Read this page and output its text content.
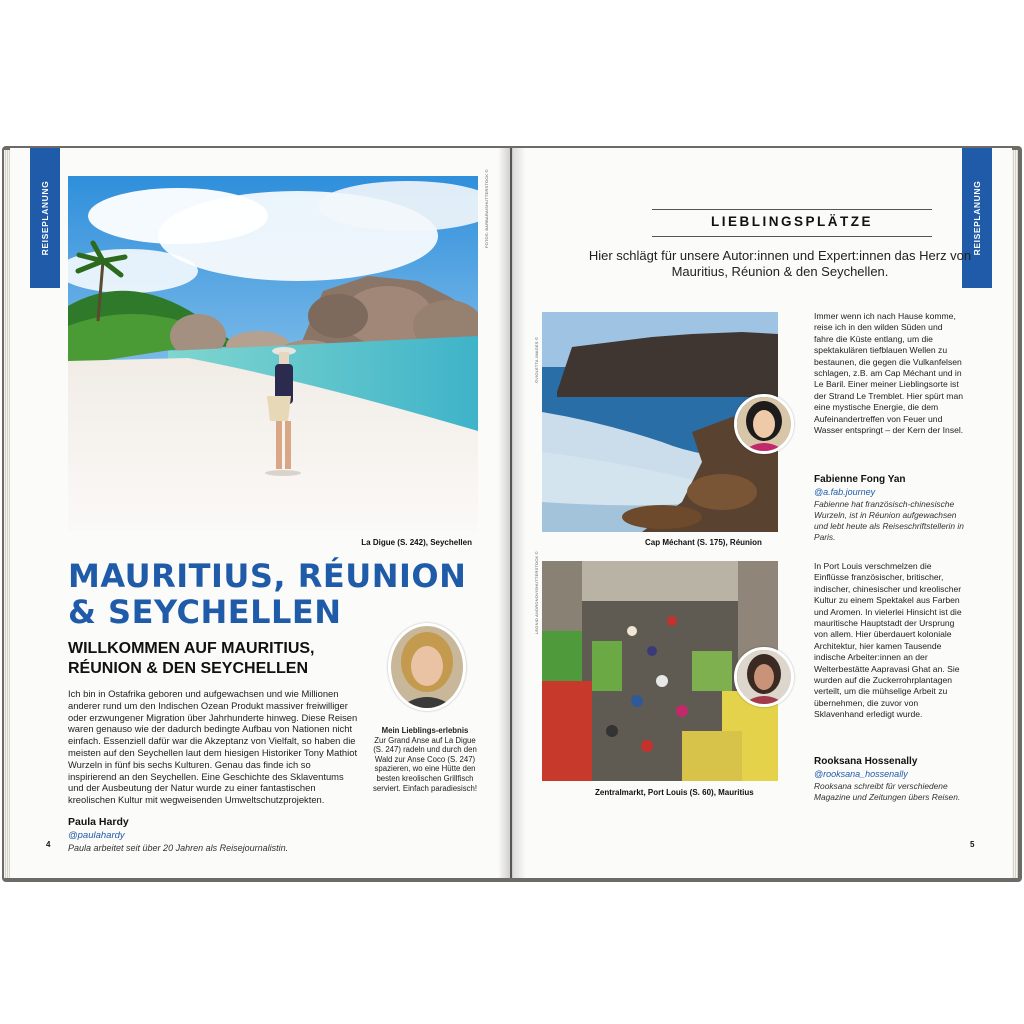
REISEPLANUNG	FOTOS: BARBARA/SHUTTERSTOCK ©
La Digue (S. 242), Seychellen
MAURITIUS, RÉUNION
& SEYCHELLEN
WILLKOMMEN AUF MAURITIUS, RÉUNION & DEN SEYCHELLEN

Ich bin in Ostafrika geboren und aufgewachsen und wie Millionen anderer rund um den Indischen Ozean Produkt massiver freiwilliger oder erzwungener Migration über Jahrhunderte hinweg. Diese Reisen waren genauso wie der dadurch bedingte Aufbau von Nationen nicht einfach. Essenziell dafür war die Akzeptanz von Vielfalt, so haben die meisten auf den Seychellen laut dem hiesigen Historiker Tony Mathiot Wurzeln in fünf bis sechs Kulturen. Genau das finde ich so inspirierend an den Seychellen. Eine Geschichte des Sklaventums und der Ausbeutung der Natur wurde zu einer fantastischen kreolischen Kultur mit wegweisenden Umweltschutzprojekten.

Paula Hardy
@paulahardy
Paula arbeitet seit über 20 Jahren als Reisejournalistin.
Mein Lieblings-erlebnis
Zur Grand Anse auf La Digue (S. 247) radeln und durch den Wald zur Anse Coco (S. 247) spazieren, wo eine Hütte den besten kreolischen Grillfisch serviert. Einfach paradiesisch!
4
REISEPLANUNG
LIEBLINGSPLÄTZE
Hier schlägt für unsere Autor:innen und Expert:innen das Herz von Mauritius, Réunion & den Seychellen.
©VIOLETTA IMAGES ©
Cap Méchant (S. 175), Réunion

Immer wenn ich nach Hause komme, reise ich in den wilden Süden und fahre die Küste entlang, um die spektakulären tiefblauen Wellen zu bestaunen, die gegen die Vulkanfelsen schlagen, z.B. am Cap Méchant und in Le Baril. Einer meiner Lieblingsorte ist der Strand Le Tremblet. Hier spürt man eine mystische Energie, die dem Aufeinandertreffen von Feuer und Wasser entspringt – der Kern der Insel.

Fabienne Fong Yan
@a.fab.journey
Fabienne hat französisch-chinesische Wurzeln, ist in Réunion aufgewachsen und lebt heute als Reiseschriftstellerin in Paris.
LEONID ANDRONOV/SHUTTERSTOCK ©
Zentralmarkt, Port Louis (S. 60), Mauritius

In Port Louis verschmelzen die Einflüsse französischer, britischer, indischer, chinesischer und kreolischer Kultur zu einem Spektakel aus Farben und Aromen. In vielerlei Hinsicht ist die mauritische Hauptstadt der Ursprung von allem. Hier überdauert koloniale Architektur, hier kamen Tausende indische Arbeiter:innen an der Welterbestätte Aapravasi Ghat an. Sie wurden auf die Zuckerrohrplantagen verteilt, um die mühselige Arbeit zu übernehmen, die zuvor von Sklavenhand erledigt wurde.

Rooksana Hossenally
@rooksana_hossenally
Rooksana schreibt für verschiedene Magazine und Zeitungen übers Reisen.
5
